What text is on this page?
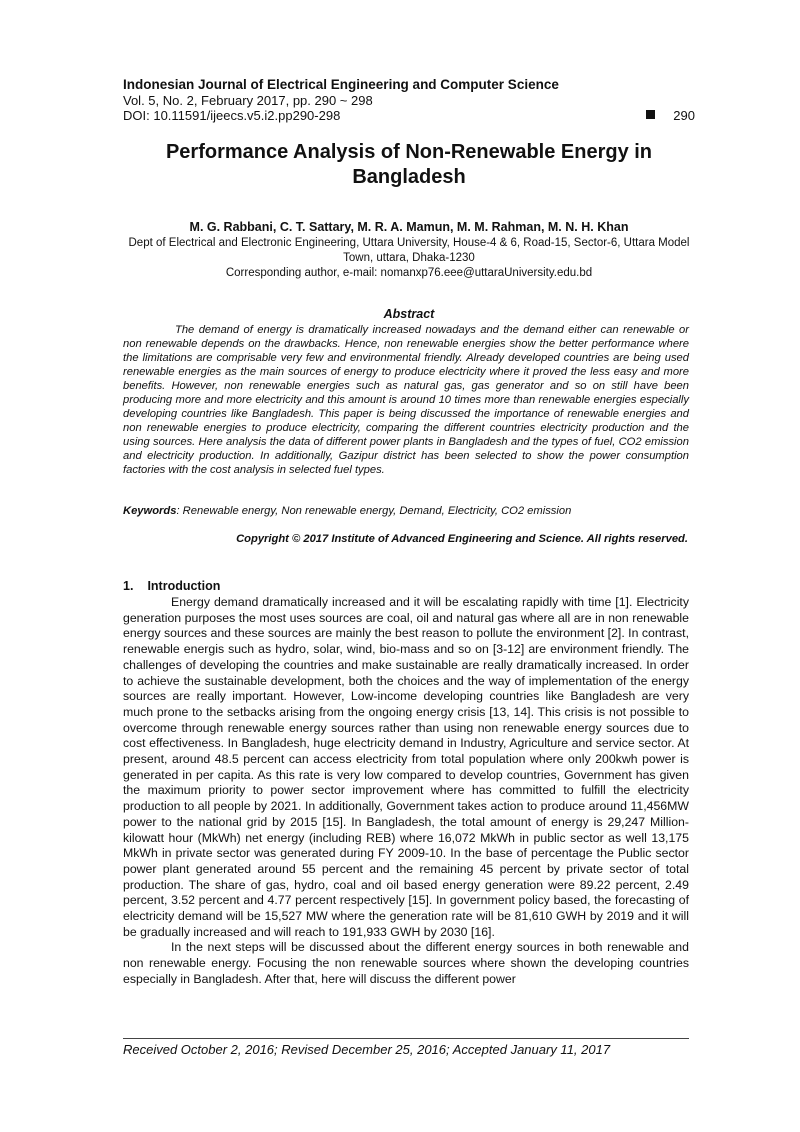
Indonesian Journal of Electrical Engineering and Computer Science
Vol. 5, No. 2, February 2017, pp. 290 ~ 298
DOI: 10.11591/ijeecs.v5.i2.pp290-298	290
Performance Analysis of Non-Renewable Energy in Bangladesh
M. G. Rabbani, C. T. Sattary, M. R. A. Mamun, M. M. Rahman, M. N. H. Khan
Dept of Electrical and Electronic Engineering, Uttara University, House-4 & 6, Road-15, Sector-6, Uttara Model Town, uttara, Dhaka-1230
Corresponding author, e-mail: nomanxp76.eee@uttaraUniversity.edu.bd
Abstract
The demand of energy is dramatically increased nowadays and the demand either can renewable or non renewable depends on the drawbacks. Hence, non renewable energies show the better performance where the limitations are comprisable very few and environmental friendly. Already developed countries are being used renewable energies as the main sources of energy to produce electricity where it proved the less easy and more benefits. However, non renewable energies such as natural gas, gas generator and so on still have been producing more and more electricity and this amount is around 10 times more than renewable energies especially developing countries like Bangladesh. This paper is being discussed the importance of renewable energies and non renewable energies to produce electricity, comparing the different countries electricity production and the using sources. Here analysis the data of different power plants in Bangladesh and the types of fuel, CO2 emission and electricity production. In additionally, Gazipur district has been selected to show the power consumption factories with the cost analysis in selected fuel types.
Keywords: Renewable energy, Non renewable energy, Demand, Electricity, CO2 emission
Copyright © 2017 Institute of Advanced Engineering and Science. All rights reserved.
1. Introduction

Energy demand dramatically increased and it will be escalating rapidly with time [1]. Electricity generation purposes the most uses sources are coal, oil and natural gas where all are in non renewable energy sources and these sources are mainly the best reason to pollute the environment [2]. In contrast, renewable energis such as hydro, solar, wind, bio-mass and so on [3-12] are environment friendly. The challenges of developing the countries and make sustainable are really dramatically increased. In order to achieve the sustainable development, both the choices and the way of implementation of the energy sources are really important. However, Low-income developing countries like Bangladesh are very much prone to the setbacks arising from the ongoing energy crisis [13, 14]. This crisis is not possible to overcome through renewable energy sources rather than using non renewable energy sources due to cost effectiveness. In Bangladesh, huge electricity demand in Industry, Agriculture and service sector. At present, around 48.5 percent can access electricity from total population where only 200kwh power is generated in per capita. As this rate is very low compared to develop countries, Government has given the maximum priority to power sector improvement where has committed to fulfill the electricity production to all people by 2021. In additionally, Government takes action to produce around 11,456MW power to the national grid by 2015 [15]. In Bangladesh, the total amount of energy is 29,247 Million-kilowatt hour (MkWh) net energy (including REB) where 16,072 MkWh in public sector as well 13,175 MkWh in private sector was generated during FY 2009-10. In the base of percentage the Public sector power plant generated around 55 percent and the remaining 45 percent by private sector of total production. The share of gas, hydro, coal and oil based energy generation were 89.22 percent, 2.49 percent, 3.52 percent and 4.77 percent respectively [15]. In government policy based, the forecasting of electricity demand will be 15,527 MW where the generation rate will be 81,610 GWH by 2019 and it will be gradually increased and will reach to 191,933 GWH by 2030 [16].

In the next steps will be discussed about the different energy sources in both renewable and non renewable energy. Focusing the non renewable sources where shown the developing countries especially in Bangladesh. After that, here will discuss the different power

Received October 2, 2016; Revised December 25, 2016; Accepted January 11, 2017
